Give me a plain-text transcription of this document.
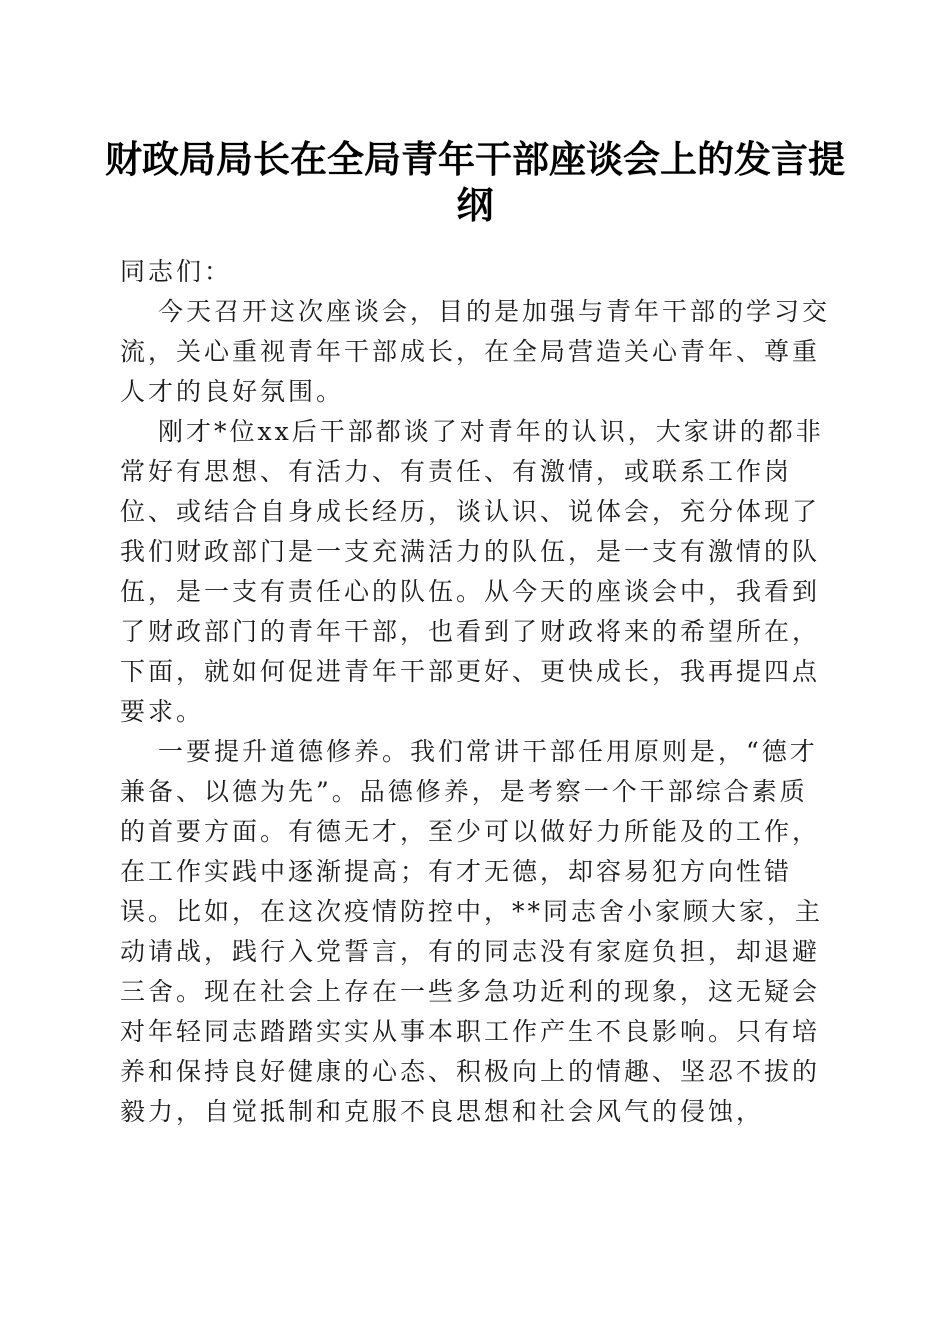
财政局局长在全局青年干部座谈会上的发言提纲

同志们：

今天召开这次座谈会，目的是加强与青年干部的学习交流，关心重视青年干部成长，在全局营造关心青年、尊重人才的良好氛围。

刚才*位xx后干部都谈了对青年的认识，大家讲的都非常好有思想、有活力、有责任、有激情，或联系工作岗位、或结合自身成长经历，谈认识、说体会，充分体现了我们财政部门是一支充满活力的队伍，是一支有激情的队伍，是一支有责任心的队伍。从今天的座谈会中，我看到了财政部门的青年干部，也看到了财政将来的希望所在，下面，就如何促进青年干部更好、更快成长，我再提四点要求。

一要提升道德修养。我们常讲干部任用原则是，“德才兼备、以德为先”。品德修养，是考察一个干部综合素质的首要方面。有德无才，至少可以做好力所能及的工作，在工作实践中逐渐提高；有才无德，却容易犯方向性错误。比如，在这次疫情防控中，**同志舍小家顾大家，主动请战，践行入党誓言，有的同志没有家庭负担，却退避三舍。现在社会上存在一些多急功近利的现象，这无疑会对年轻同志踏踏实实从事本职工作产生不良影响。只有培养和保持良好健康的心态、积极向上的情趣、坚忍不拔的毅力，自觉抵制和克服不良思想和社会风气的侵蚀，
